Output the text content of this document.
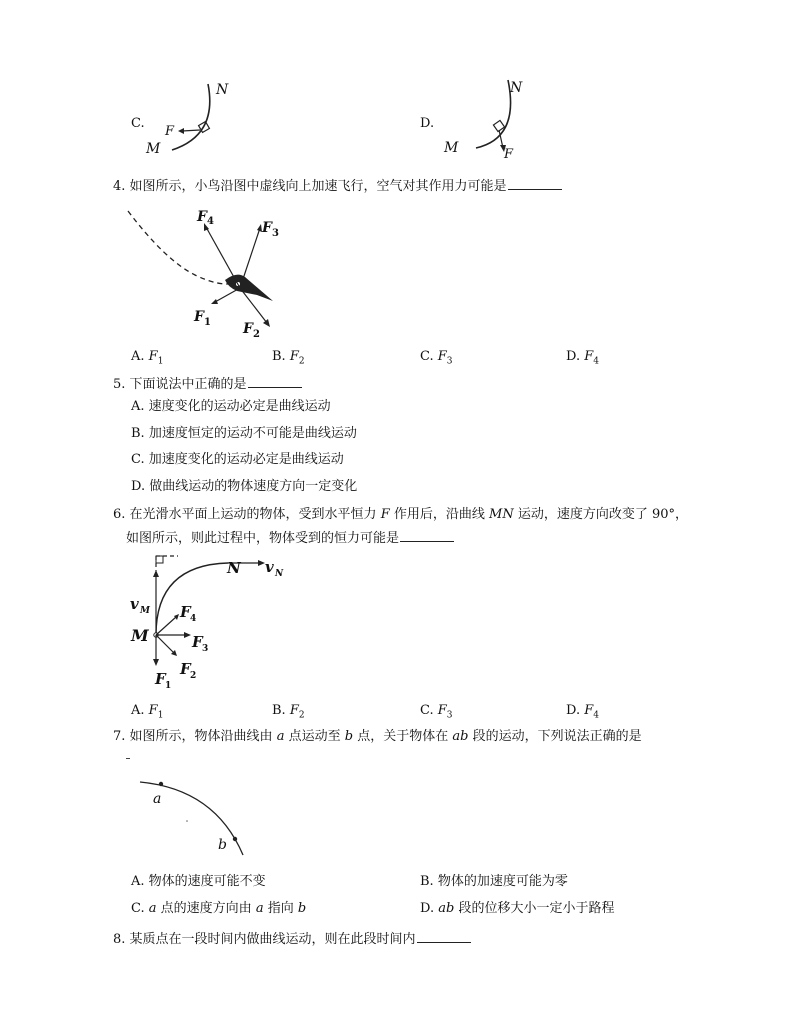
C.
N
F
M
D.
N
M	F
4. 如图所示，小鸟沿图中虚线向上加速飞行，空气对其作用力可能是
F 4	F 3
F 1 F 2
A. $F_1$	B. $F_2$	C. $F_3$	D. $F_4$
5. 下面说法中正确的是
A. 速度变化的运动必定是曲线运动
B. 加速度恒定的运动不可能是曲线运动
C. 加速度变化的运动必定是曲线运动
D. 做曲线运动的物体速度方向一定变化
6. 在光滑水平面上运动的物体，受到水平恒力 F 作用后，沿曲线 MN 运动，速度方向改变了 90°，
如图所示，则此过程中，物体受到的恒力可能是
N v N
v M
M
F 4
F 3
F 2
F 1
A. $F_1$	B. $F_2$	C. $F_3$	D. $F_4$
7. 如图所示，物体沿曲线由 a 点运动至 b 点，关于物体在 ab 段的运动，下列说法正确的是
a
b
A. 物体的速度可能不变	B. 物体的加速度可能为零
C. a 点的速度方向由 a 指向 b	D. ab 段的位移大小一定小于路程
8. 某质点在一段时间内做曲线运动，则在此段时间内
